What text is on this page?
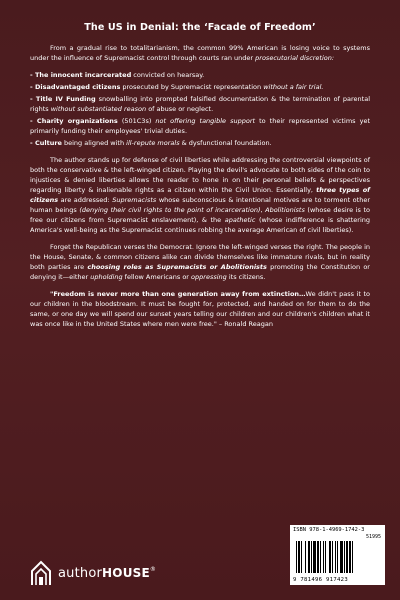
The US in Denial: the ‘Facade of Freedom’

From a gradual rise to totalitarianism, the common 99% American is losing voice to systems under the influence of Supremacist control through courts ran under prosecutorial discretion:

- The innocent incarcerated convicted on hearsay.
- Disadvantaged citizens prosecuted by Supremacist representation without a fair trial.
- Title IV Funding snowballing into prompted falsified documentation & the termination of parental rights without substantiated reason of abuse or neglect.
- Charity organizations (501C3s) not offering tangible support to their represented victims yet primarily funding their employees' trivial duties.
- Culture being aligned with ill-repute morals & dysfunctional foundation.

The author stands up for defense of civil liberties while addressing the controversial viewpoints of both the conservative & the left-winged citizen. Playing the devil's advocate to both sides of the coin to injustices & denied liberties allows the reader to hone in on their personal beliefs & perspectives regarding liberty & inalienable rights as a citizen within the Civil Union. Essentially, three types of citizens are addressed: Supremacists whose subconscious & intentional motives are to torment other human beings (denying their civil rights to the point of incarceration), Abolitionists (whose desire is to free our citizens from Supremacist enslavement), & the apathetic (whose indifference is shattering America's well-being as the Supremacist continues robbing the average American of civil liberties).

Forget the Republican verses the Democrat. Ignore the left-winged verses the right. The people in the House, Senate, & common citizens alike can divide themselves like immature rivals, but in reality both parties are choosing roles as Supremacists or Abolitionists promoting the Constitution or denying it—either upholding fellow Americans or oppressing its citizens.

"Freedom is never more than one generation away from extinction…We didn't pass it to our children in the bloodstream. It must be fought for, protected, and handed on for them to do the same, or one day we will spend our sunset years telling our children and our children's children what it was once like in the United States where men were free." – Ronald Reagan

authorHOUSE®
ISBN 978-1-4969-1742-3
51995
9 781496 917423
